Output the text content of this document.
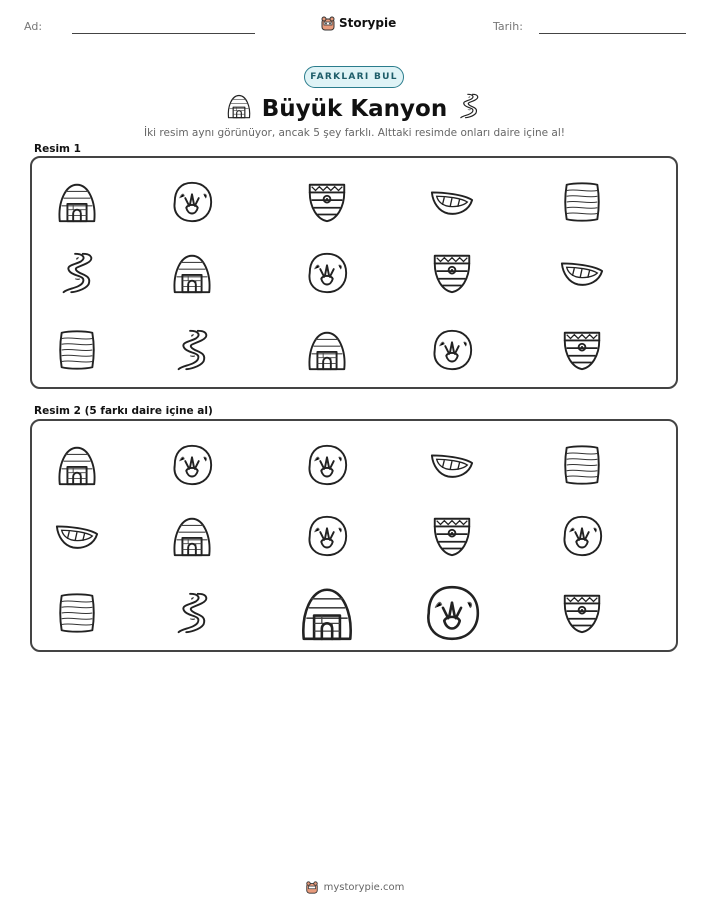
Ad:	Storypie	Tarih:
FARKLARI BUL
Büyük Kanyon
İki resim aynı görünüyor, ancak 5 şey farklı. Alttaki resimde onları daire içine al!
Resim 1
Resim 2 (5 farkı daire içine al)
mystorypie.com
